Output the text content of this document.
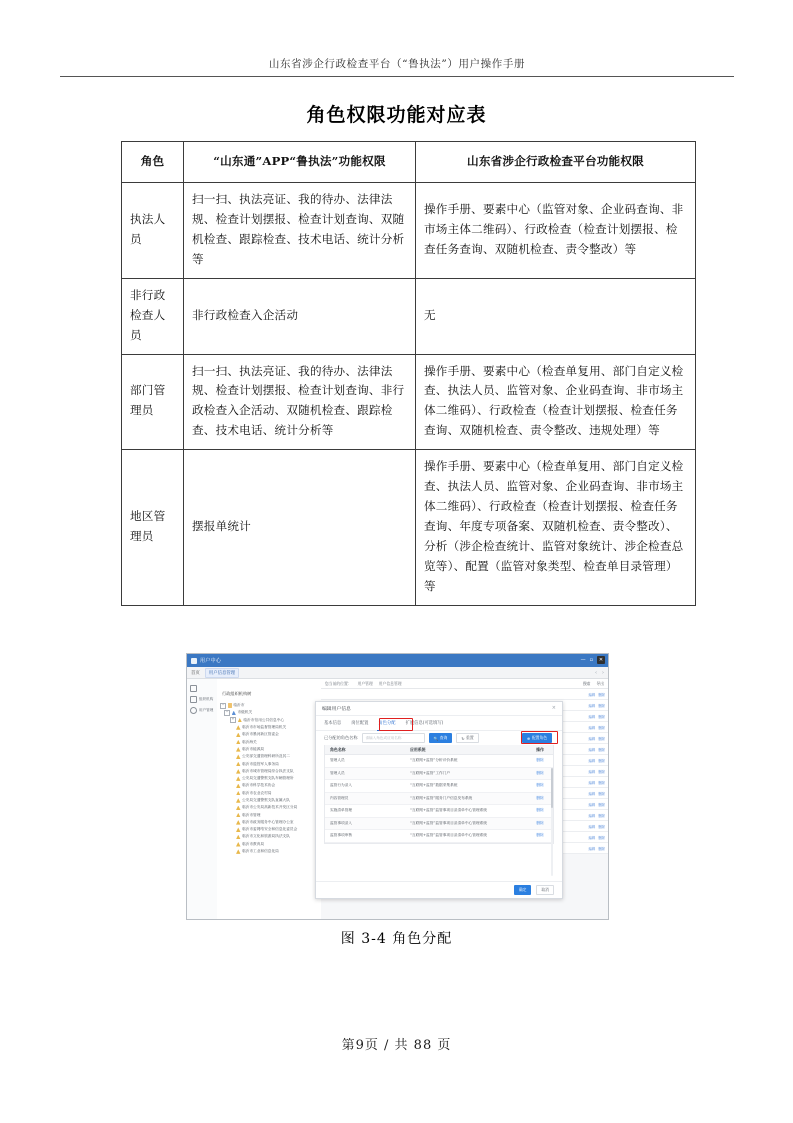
山东省涉企行政检查平台（“鲁执法”）用户操作手册
角色权限功能对应表
角色	“山东通”APP“鲁执法”功能权限	山东省涉企行政检查平台功能权限
执法人员	扫一扫、执法亮证、我的待办、法律法规、检查计划摆报、检查计划查询、双随机检查、跟踪检查、技术电话、统计分析等	操作手册、要素中心（监管对象、企业码查询、非市场主体二维码）、行政检查（检查计划摆报、检查任务查询、双随机检查、责令整改）等
非行政检查人员	非行政检查入企活动	无
部门管理员	扫一扫、执法亮证、我的待办、法律法规、检查计划摆报、检查计划查询、非行政检查入企活动、双随机检查、跟踪检查、技术电话、统计分析等	操作手册、要素中心（检查单复用、部门自定义检查、执法人员、监管对象、企业码查询、非市场主体二维码）、行政检查（检查计划摆报、检查任务查询、双随机检查、责令整改、违规处理）等
地区管理员	摆报单统计	操作手册、要素中心（检查单复用、部门自定义检查、执法人员、监管对象、企业码查询、非市场主体二维码）、行政检查（检查计划摆报、检查任务查询、年度专项备案、双随机检查、责令整改）、分析（涉企检查统计、监管对象统计、涉企检查总览等）、配置（监管对象类型、检查单目录管理）等
用户中心	— ▫	✕
首页	用户信息管理	‹ ›
组织机构
用户管理
行政组织机构树
−	临沂市
−	市级机关
+	临沂市信用公共信息中心
临沂市市场监督管理局机关
临沂市墨河新区管委会
临沂海关
临沂市能源局
公安部交通管理科研所及其二
临沂市退役军人事务局
临沂市城市管理局综合执法支队
公安局交通警察支队车辆管理所
临沂市科学技术协会
临沂市农业农村局
公安局交通警察支队直属大队
临沂市公安局高新技术开发区分局
临沂市管理
临沂市政务服务中心管理办公室
临沂市委网络安全和信息化委员会
临沂市文化和旅游局执法支队
临沂市教育局
临沂市工业和信息化局
您当前的位置： 用户管理 用户信息管理	搜索 导出
编辑 删除
编辑 删除
编辑 删除
编辑 删除
编辑 删除
编辑 删除
编辑 删除
编辑 删除
编辑 删除
编辑 删除
编辑 删除
编辑 删除
编辑 删除
编辑 删除
编辑 删除
编辑用户信息	×
基本信息 岗位配置 角色分配 扩展信息(可选填写)
已分配的角色名称	请输入角色或应用名称	🔍 查询	↻ 重置	⊕ 配置角色
角色名称	应用系统	操作
管理人员	“互联网+监管”分析评价系统	删除
管理人员	“互联网+监管”工作门户	删除
监管行为录入	“互联网+监管”数据采集系统	删除
内容管理员	“互联网+监管”服务门户信息发布系统	删除
实施清单管理	“互联网+监管”监管事项目录清单中心管理系统	删除
监管事项录入	“互联网+监管”监管事项目录清单中心管理系统	删除
监管事项审核	“互联网+监管”监管事项目录清单中心管理系统	删除
确定	取消
图 3-4 角色分配
第9页 / 共 88 页
